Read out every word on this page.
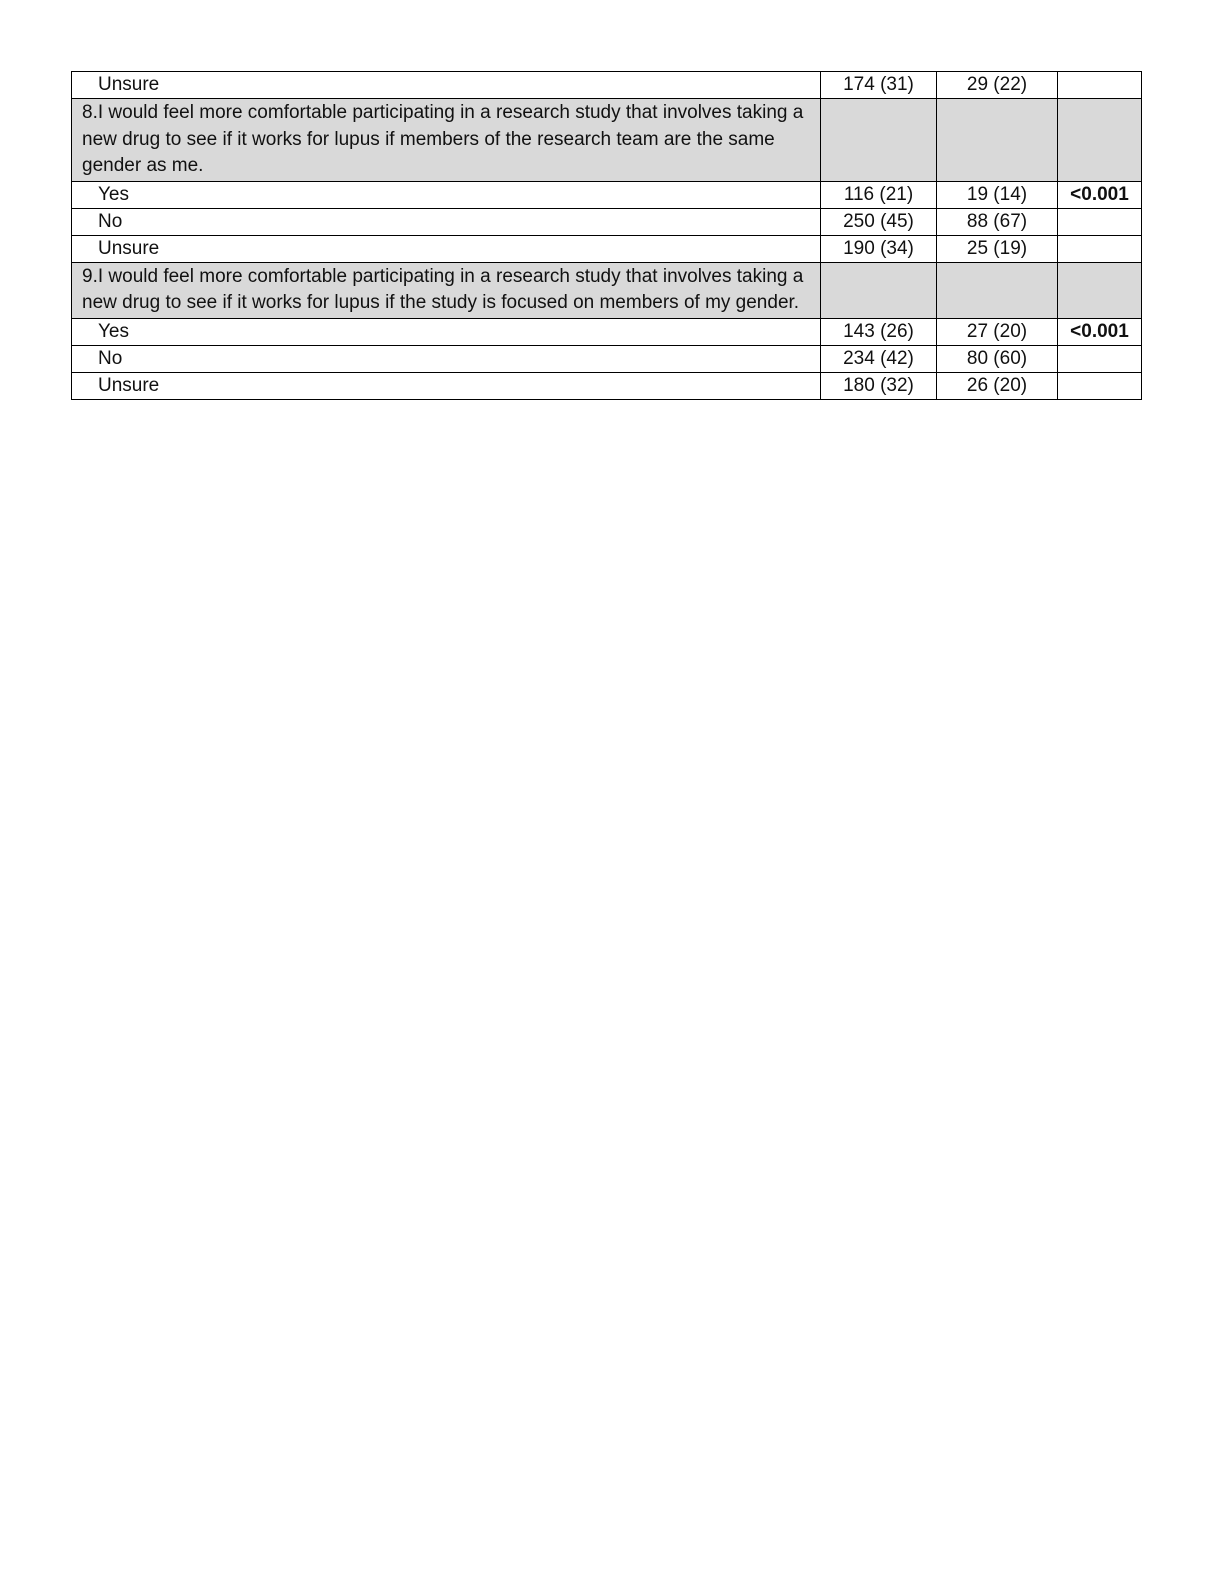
Unsure	174 (31)	29 (22)	
8.I would feel more comfortable participating in a research study that involves taking a new drug to see if it works for lupus if members of the research team are the same gender as me.			
Yes	116 (21)	19 (14)	<0.001
No	250 (45)	88 (67)	
Unsure	190 (34)	25 (19)	
9.I would feel more comfortable participating in a research study that involves taking a new drug to see if it works for lupus if the study is focused on members of my gender.			
Yes	143 (26)	27 (20)	<0.001
No	234 (42)	80 (60)	
Unsure	180 (32)	26 (20)	
